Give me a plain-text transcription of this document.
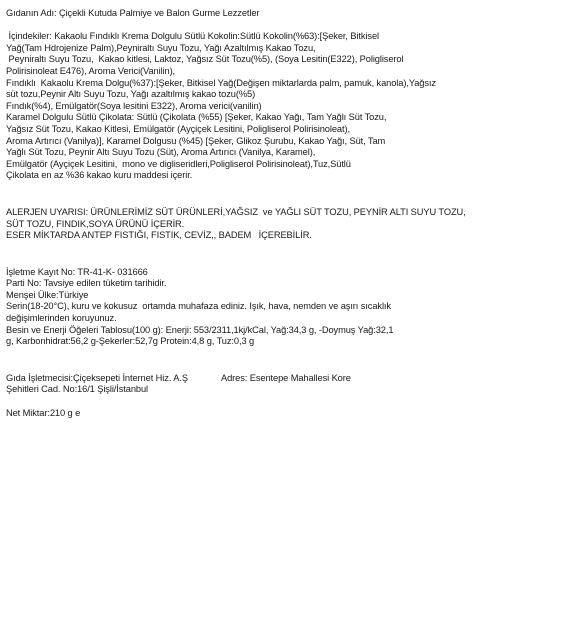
Gıdanın Adı: Çiçekli Kutuda Palmiye ve Balon Gurme Lezzetler
İçindekiler: Kakaolu Fındıklı Krema Dolgulu Sütlü Kokolin:Sütlü Kokolin(%63):[Şeker, Bitkisel
Yağ(Tam Hdrojenize Palm),Peyniraltı Suyu Tozu, Yağı Azaltılmış Kakao Tozu,
Peyniraltı Suyu Tozu,  Kakao kitlesi, Laktoz, Yağsız Süt Tozu(%5), (Soya Lesitin(E322), Poligliserol
Polirisinoleat E476), Aroma Verici(Vanilin),
Fındıklı  Kakaolu Krema Dolgu(%37):[Şeker, Bitkisel Yağ(Değişen miktarlarda palm, pamuk, kanola),Yağsız
süt tozu,Peynir Altı Suyu Tozu, Yağı azaltılmış kakao tozu(%5)
Fındık(%4), Emülgatör(Soya lesitini E322), Aroma verici(vanilin)
Karamel Dolgulu Sütlü Çikolata: Sütlü (Çikolata (%55) [Şeker, Kakao Yağı, Tam Yağlı Süt Tozu,
Yağsız Süt Tozu, Kakao Kitlesi, Emülgatör (Ayçiçek Lesitini, Poligliserol Polirisinoleat),
Aroma Artırıcı (Vanilya)], Karamel Dolgusu (%45) [Şeker, Glikoz Şurubu, Kakao Yağı, Süt, Tam
Yağlı Süt Tozu, Peynir Altı Suyu Tozu (Süt), Aroma Artırıcı (Vanilya, Karamel),
Emülgatör (Ayçiçek Lesitini,  mono ve digliseridleri,Poligliserol Polirisinoleat),Tuz,Sütlü
Çikolata en az %36 kakao kuru maddesi içerir.
ALERJEN UYARISI: ÜRÜNLERİMİZ SÜT ÜRÜNLERİ,YAĞSIZ  ve YAĞLI SÜT TOZU, PEYNİR ALTI SUYU TOZU,
SÜT TOZU, FINDIK,SOYA ÜRÜNÜ İÇERİR.
ESER MİKTARDA ANTEP FISTIĞI, FISTIK, CEVİZ,, BADEM   İÇEREBİLİR.
İşletme Kayıt No: TR-41-K- 031666
Parti No: Tavsiye edilen tüketim tarihidir.
Menşei Ülke:Türkiye
Serin(18-20°C), kuru ve kokusuz  ortamda muhafaza ediniz. Işık, hava, nemden ve aşırı sıcaklık
değişimlerinden koruyunuz.
Besin ve Enerji Öğeleri Tablosu(100 g): Enerji: 553/2311,1kj/kCal, Yağ:34,3 g, -Doymuş Yağ:32,1
g, Karbonhidrat:56,2 g-Şekerler:52,7g Protein:4,8 g, Tuz:0,3 g
Gıda İşletmecisi:Çiçeksepeti İnternet Hiz. A.Ş	Adres: Esentepe Mahallesi Kore
Şehitleri Cad. No:16/1 Şişli/İstanbul
Net Miktar:210 g e
